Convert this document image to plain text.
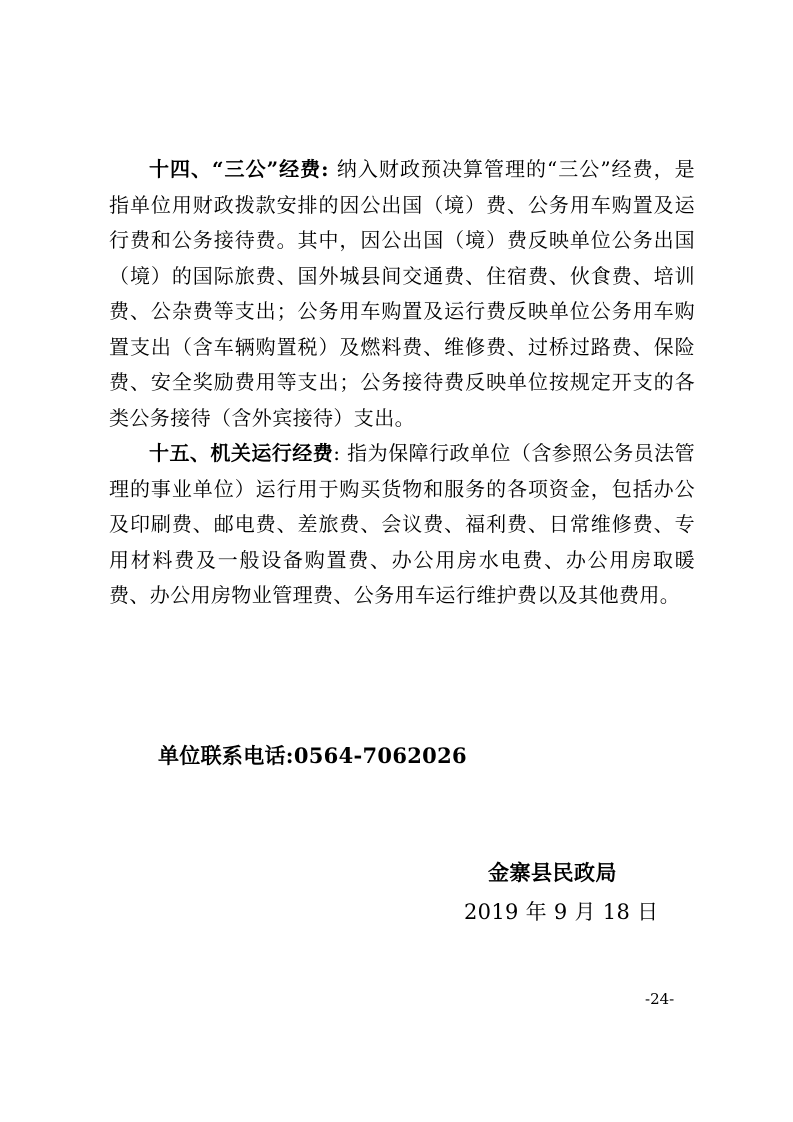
十四、“三公”经费: 纳入财政预决算管理的“三公”经费，是指单位用财政拨款安排的因公出国（境）费、公务用车购置及运行费和公务接待费。其中，因公出国（境）费反映单位公务出国（境）的国际旅费、国外城县间交通费、住宿费、伙食费、培训费、公杂费等支出；公务用车购置及运行费反映单位公务用车购置支出（含车辆购置税）及燃料费、维修费、过桥过路费、保险费、安全奖励费用等支出；公务接待费反映单位按规定开支的各类公务接待（含外宾接待）支出。

十五、机关运行经费: 指为保障行政单位（含参照公务员法管理的事业单位）运行用于购买货物和服务的各项资金，包括办公及印刷费、邮电费、差旅费、会议费、福利费、日常维修费、专用材料费及一般设备购置费、办公用房水电费、办公用房取暖费、办公用房物业管理费、公务用车运行维护费以及其他费用。

单位联系电话:0564-7062026
金寨县民政局
2019 年 9 月 18 日
-24-
